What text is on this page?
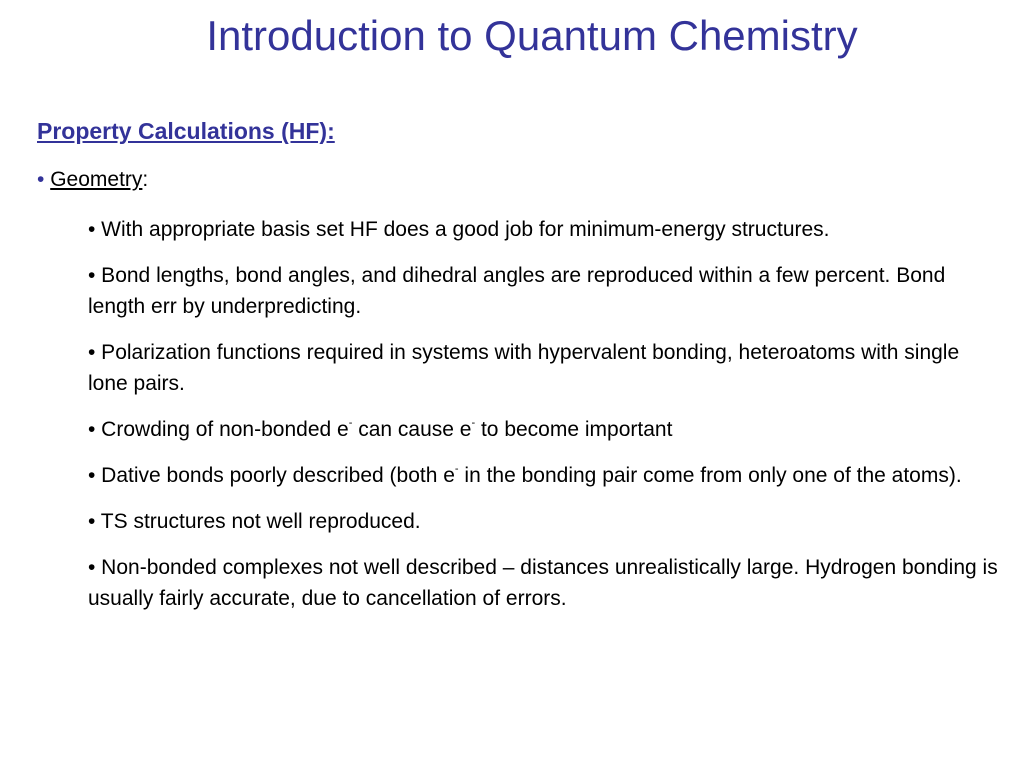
Introduction to Quantum Chemistry
Property Calculations (HF):
• Geometry:
• With appropriate basis set HF does a good job for minimum-energy structures.
• Bond lengths, bond angles, and dihedral angles are reproduced within a few percent. Bond length err by underpredicting.
• Polarization functions required in systems with hypervalent bonding, heteroatoms with single lone pairs.
• Crowding of non-bonded e- can cause e- to become important
• Dative bonds poorly described (both e- in the bonding pair come from only one of the atoms).
• TS structures not well reproduced.
• Non-bonded complexes not well described – distances unrealistically large. Hydrogen bonding is usually fairly accurate, due to cancellation of errors.
